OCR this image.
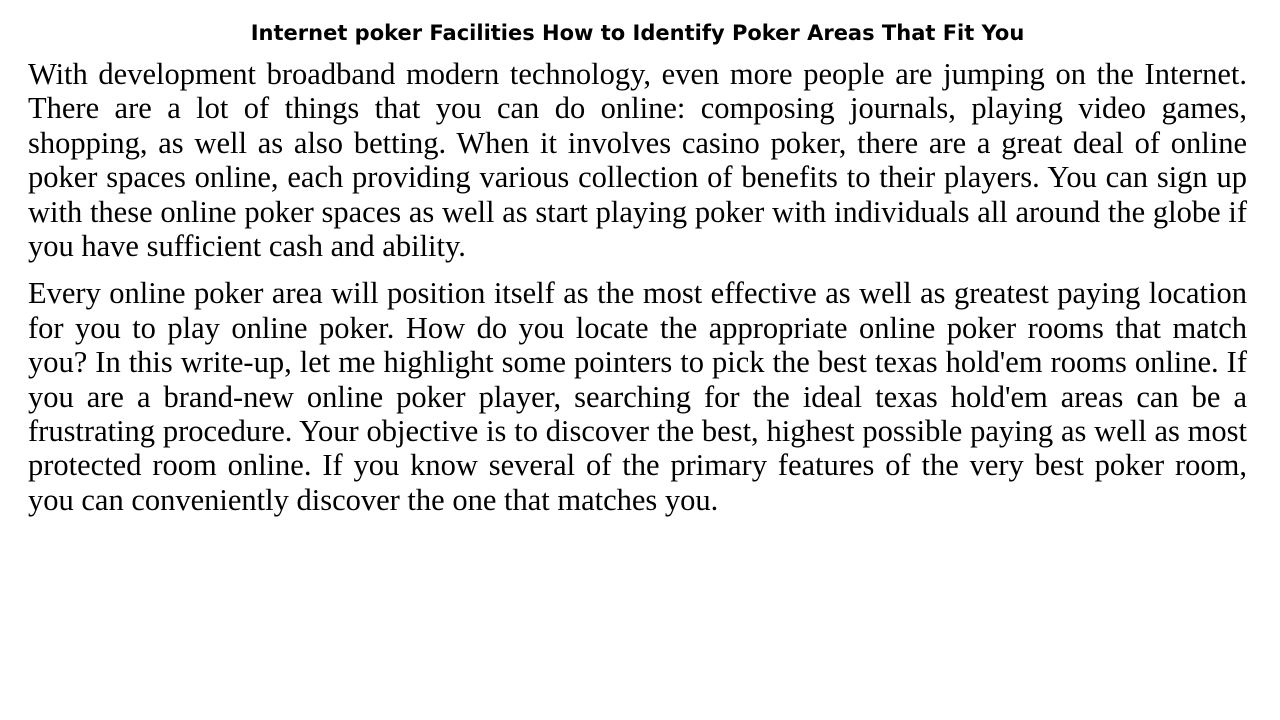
Internet poker Facilities How to Identify Poker Areas That Fit You

With development broadband modern technology, even more people are jumping on the Internet. There are a lot of things that you can do online: composing journals, playing video games, shopping, as well as also betting. When it involves casino poker, there are a great deal of online poker spaces online, each providing various collection of benefits to their players. You can sign up with these online poker spaces as well as start playing poker with individuals all around the globe if you have sufficient cash and ability.

Every online poker area will position itself as the most effective as well as greatest paying location for you to play online poker. How do you locate the appropriate online poker rooms that match you? In this write-up, let me highlight some pointers to pick the best texas hold'em rooms online. If you are a brand-new online poker player, searching for the ideal texas hold'em areas can be a frustrating procedure. Your objective is to discover the best, highest possible paying as well as most protected room online. If you know several of the primary features of the very best poker room, you can conveniently discover the one that matches you.
